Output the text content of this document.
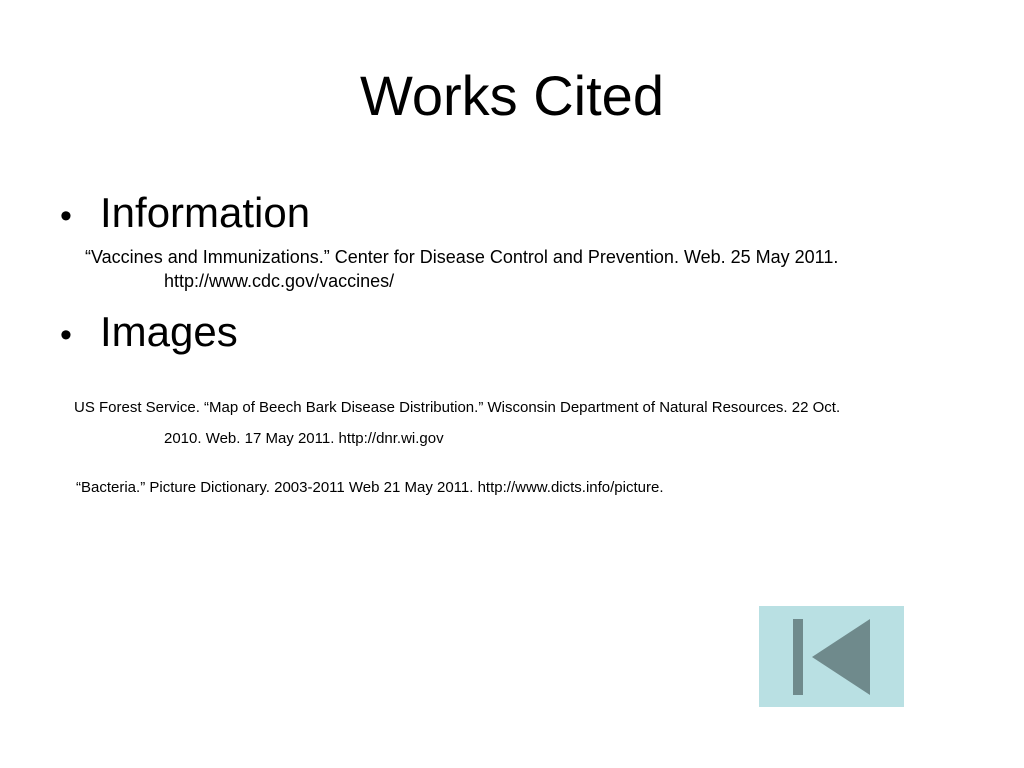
Works Cited
• Information
“Vaccines and Immunizations.” Center for Disease Control and Prevention. Web. 25 May 2011.
http://www.cdc.gov/vaccines/
• Images
US Forest Service. “Map of Beech Bark Disease Distribution.” Wisconsin Department of Natural Resources. 22 Oct.
2010. Web. 17 May 2011. http://dnr.wi.gov
“Bacteria.” Picture Dictionary. 2003-2011 Web 21 May 2011. http://www.dicts.info/picture.
